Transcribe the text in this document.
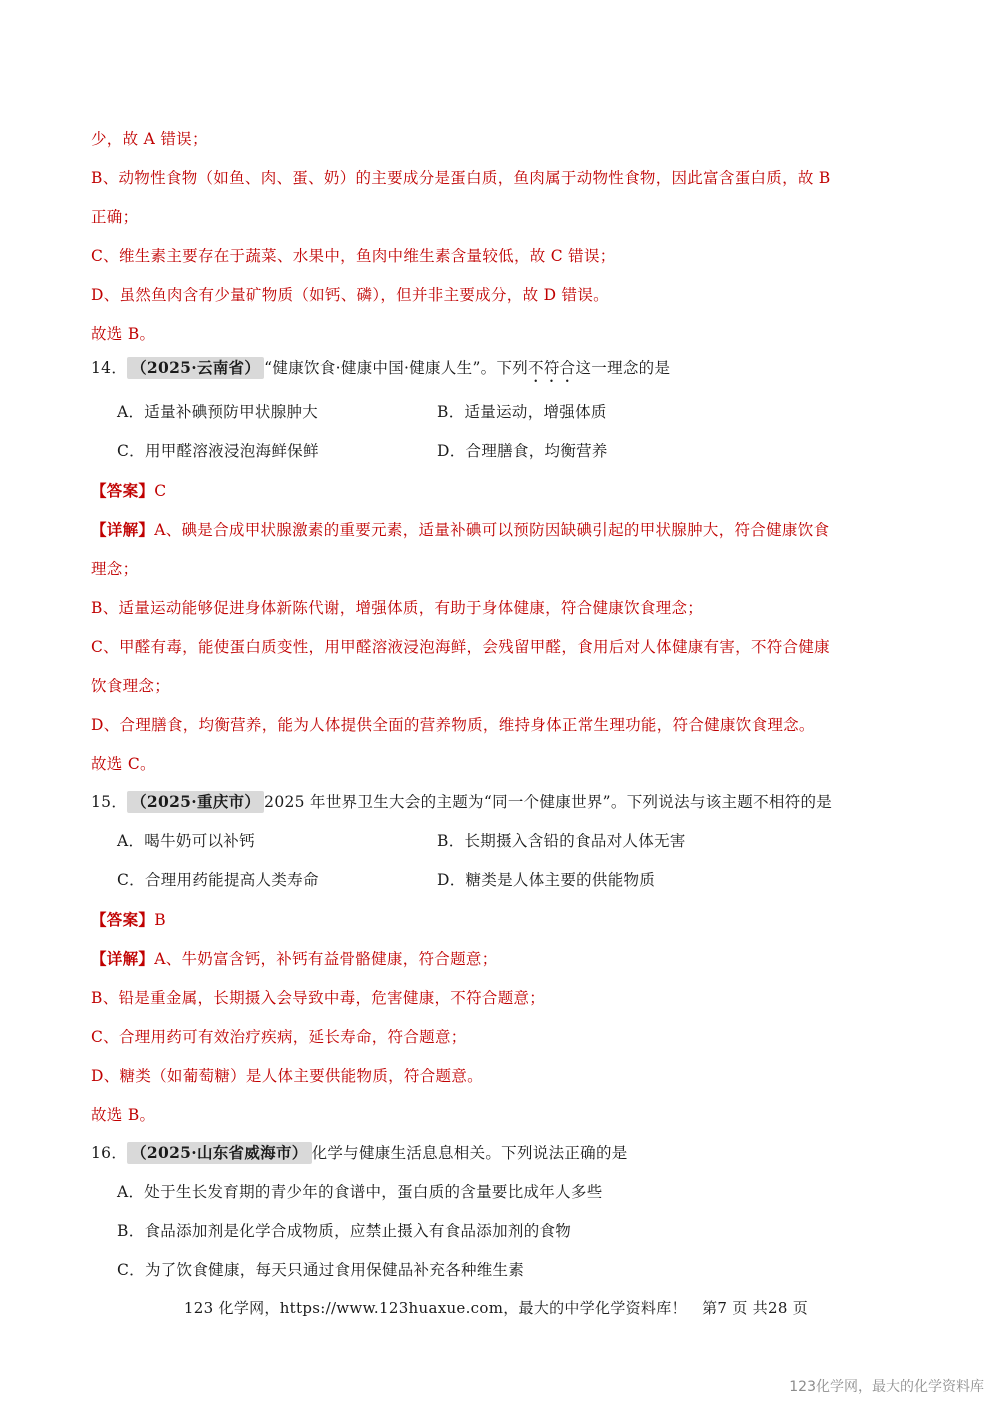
少，故 A 错误；
B、动物性食物（如鱼、肉、蛋、奶）的主要成分是蛋白质，鱼肉属于动物性食物，因此富含蛋白质，故 B
正确；
C、维生素主要存在于蔬菜、水果中，鱼肉中维生素含量较低，故 C 错误；
D、虽然鱼肉含有少量矿物质（如钙、磷），但并非主要成分，故 D 错误。
故选 B。
14． （2025·云南省） “健康饮食·健康中国·健康人生”。下列不符合这一理念的是
A．适量补碘预防甲状腺肿大	B．适量运动，增强体质
C．用甲醛溶液浸泡海鲜保鲜	D．合理膳食，均衡营养
【答案】C
【详解】A、碘是合成甲状腺激素的重要元素，适量补碘可以预防因缺碘引起的甲状腺肿大，符合健康饮食
理念；
B、适量运动能够促进身体新陈代谢，增强体质，有助于身体健康，符合健康饮食理念；
C、甲醛有毒，能使蛋白质变性，用甲醛溶液浸泡海鲜，会残留甲醛，食用后对人体健康有害，不符合健康
饮食理念；
D、合理膳食，均衡营养，能为人体提供全面的营养物质，维持身体正常生理功能，符合健康饮食理念。
故选 C。
15． （2025·重庆市） 2025 年世界卫生大会的主题为“同一个健康世界”。下列说法与该主题不相符的是
A．喝牛奶可以补钙	B．长期摄入含铅的食品对人体无害
C．合理用药能提高人类寿命	D．糖类是人体主要的供能物质
【答案】B
【详解】A、牛奶富含钙，补钙有益骨骼健康，符合题意；
B、铅是重金属，长期摄入会导致中毒，危害健康，不符合题意；
C、合理用药可有效治疗疾病，延长寿命，符合题意；
D、糖类（如葡萄糖）是人体主要供能物质，符合题意。
故选 B。
16． （2025·山东省威海市） 化学与健康生活息息相关。下列说法正确的是
A．处于生长发育期的青少年的食谱中，蛋白质的含量要比成年人多些
B．食品添加剂是化学合成物质，应禁止摄入有食品添加剂的食物
C．为了饮食健康，每天只通过食用保健品补充各种维生素
123 化学网，https://www.123huaxue.com，最大的中学化学资料库！　第7 页 共28 页
123化学网，最大的化学资料库
